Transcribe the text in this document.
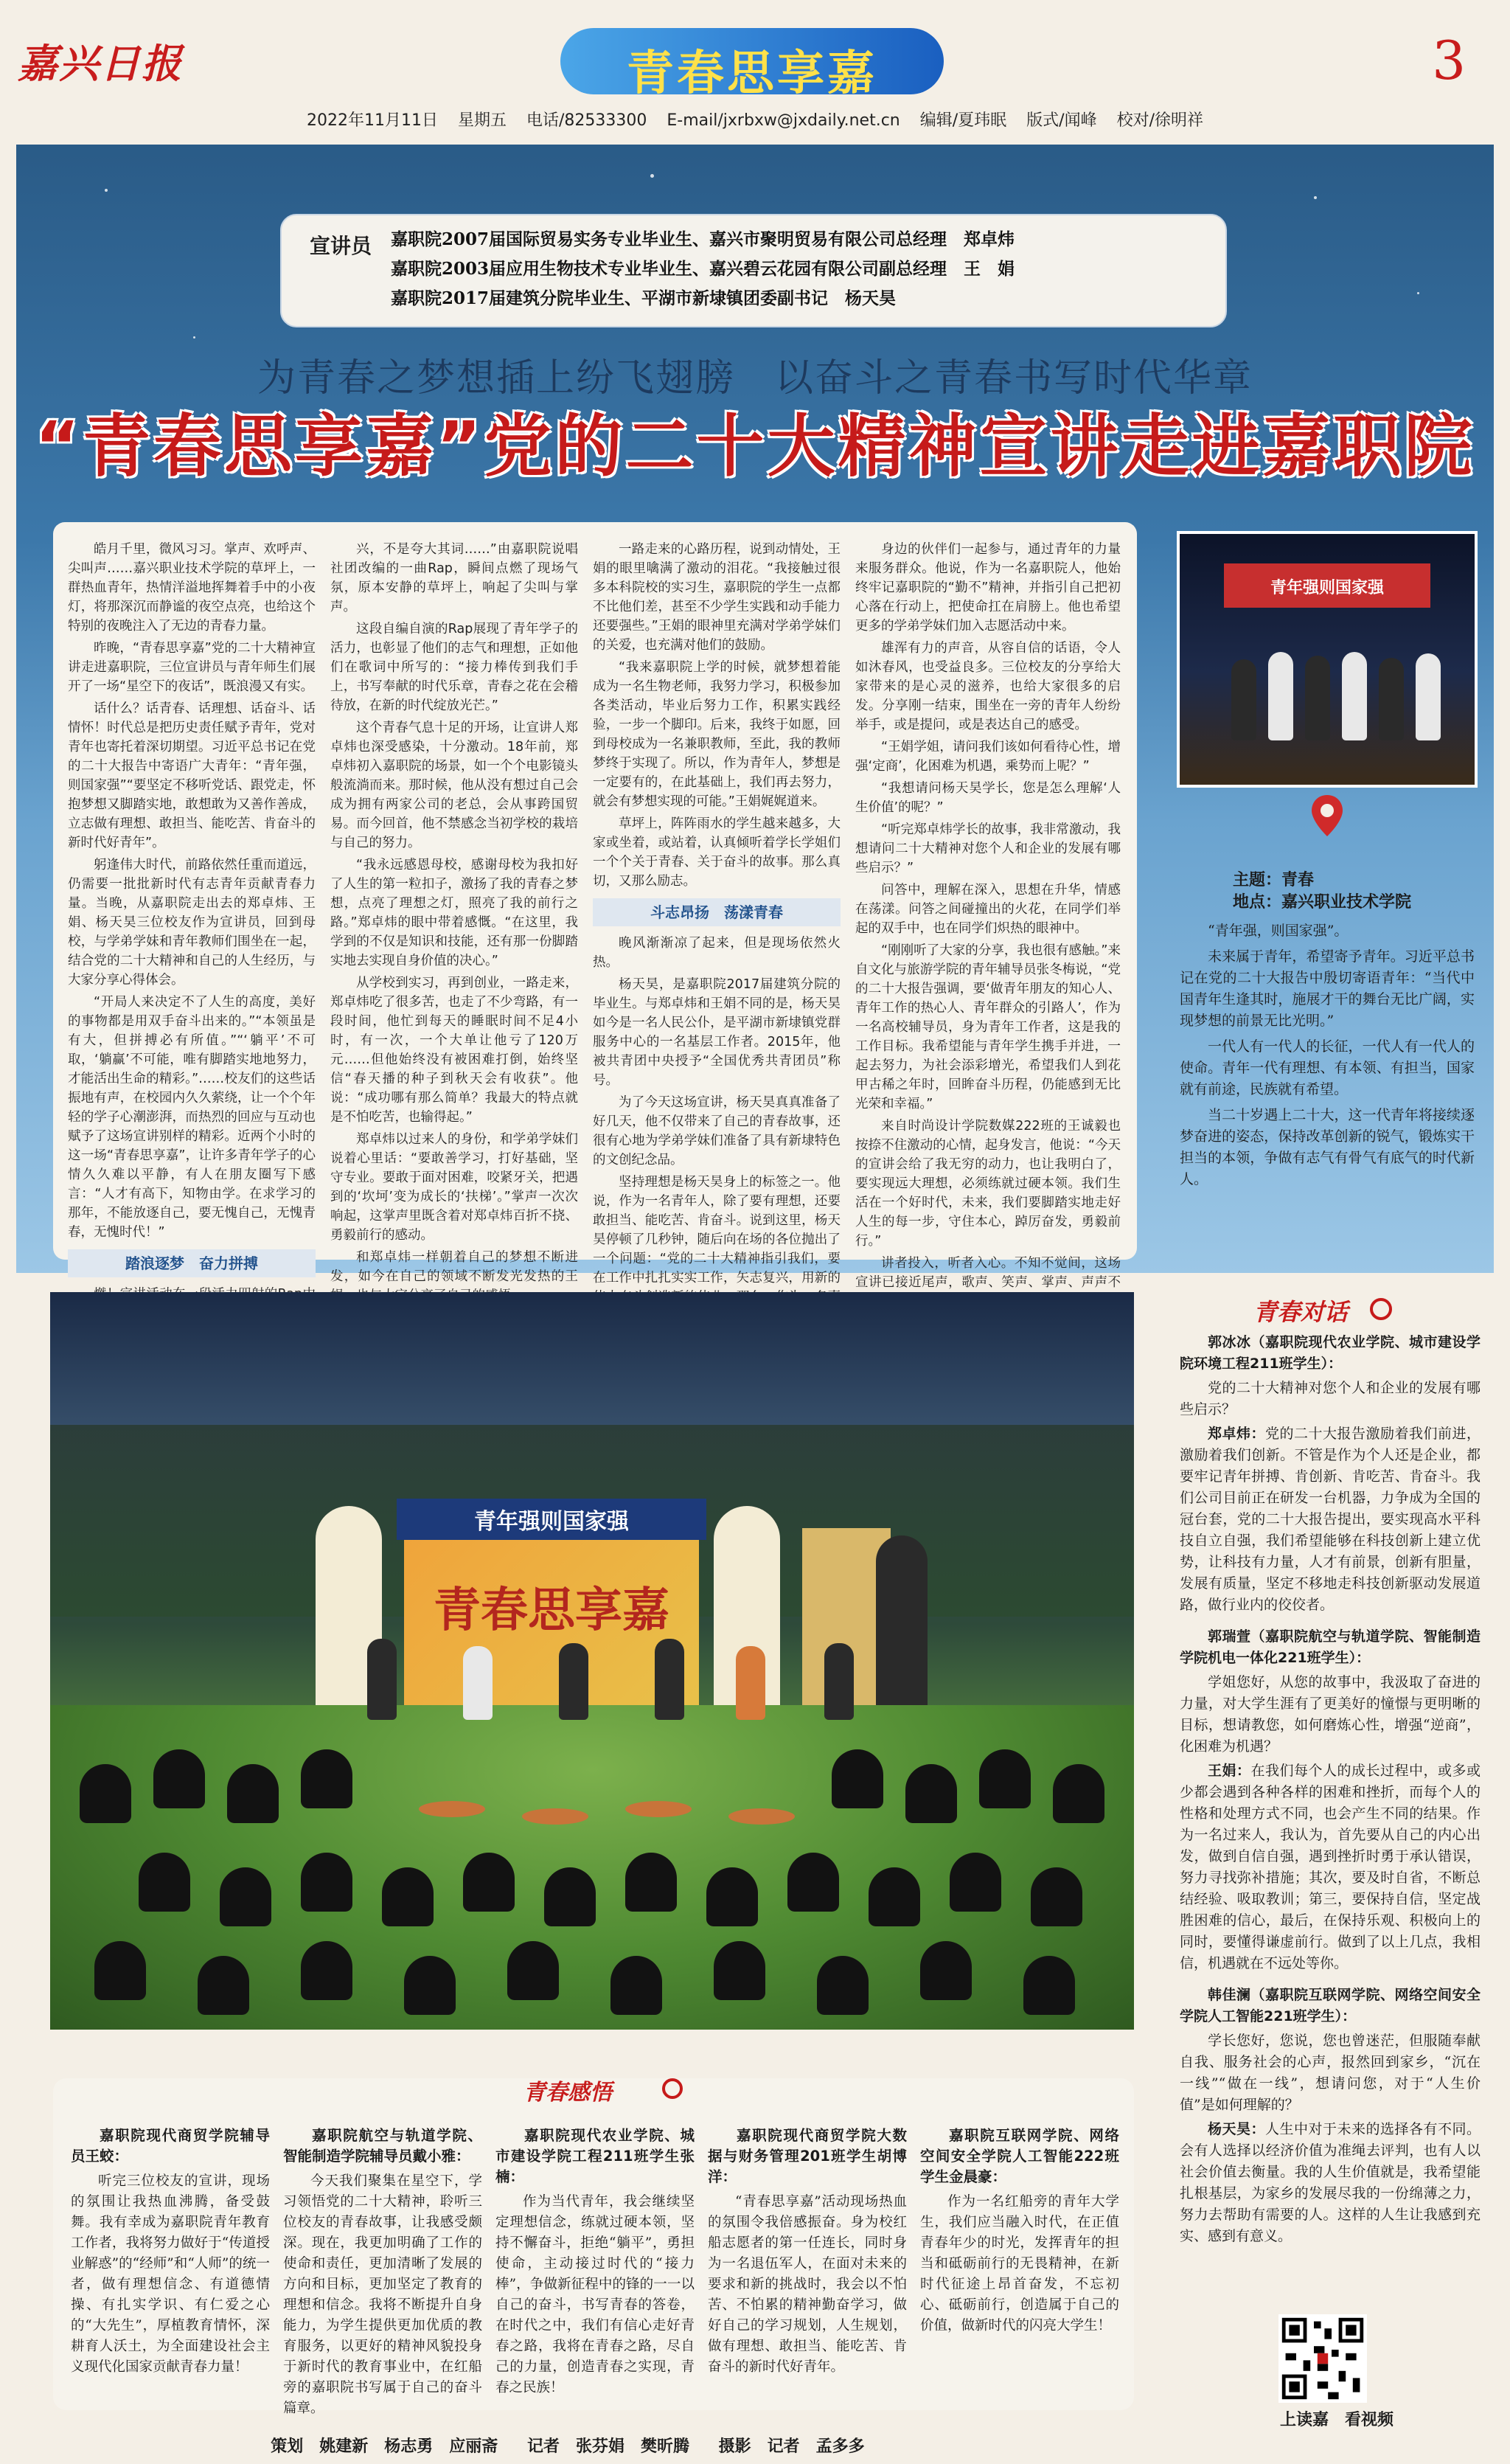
嘉兴日报	青春思享嘉	3
2022年11月11日 星期五 电话/82533300 E-mail/jxrbxw@jxdaily.net.cn 编辑/夏玮眠 版式/闻峰 校对/徐明祥
宣讲员 嘉职院2007届国际贸易实务专业毕业生、嘉兴市聚明贸易有限公司总经理　郑卓炜
嘉职院2003届应用生物技术专业毕业生、嘉兴碧云花园有限公司副总经理　王　娟
嘉职院2017届建筑分院毕业生、平湖市新埭镇团委副书记　杨天昊
为青春之梦想插上纷飞翅膀　以奋斗之青春书写时代华章
“青春思享嘉”党的二十大精神宣讲走进嘉职院

皓月千里，微风习习。掌声、欢呼声、尖叫声……嘉兴职业技术学院的草坪上，一群热血青年，热情洋溢地挥舞着手中的小夜灯，将那深沉而静谧的夜空点亮，也给这个特别的夜晚注入了无边的青春力量。

昨晚，“青春思享嘉”党的二十大精神宣讲走进嘉职院，三位宣讲员与青年师生们展开了一场“星空下的夜话”，既浪漫又有实。

话什么？话青春、话理想、话奋斗、话情怀！时代总是把历史责任赋予青年，党对青年也寄托着深切期望。习近平总书记在党的二十大报告中寄语广大青年：“青年强，则国家强”“要坚定不移听党话、跟党走，怀抱梦想又脚踏实地，敢想敢为又善作善成，立志做有理想、敢担当、能吃苦、肯奋斗的新时代好青年”。

躬逢伟大时代，前路依然任重而道远，仍需要一批批新时代有志青年贡献青春力量。当晚，从嘉职院走出去的郑卓炜、王娟、杨天昊三位校友作为宣讲员，回到母校，与学弟学妹和青年教师们围坐在一起，结合党的二十大精神和自己的人生经历，与大家分享心得体会。

“开局人来决定不了人生的高度，美好的事物都是用双手奋斗出来的。”“本领虽是有大，但拼搏必有所值。”“‘躺平’不可取，‘躺赢’不可能，唯有脚踏实地地努力，才能活出生命的精彩。”……校友们的这些话振地有声，在校园内久久萦绕，让一个个年轻的学子心潮澎湃，而热烈的回应与互动也赋予了这场宣讲别样的精彩。近两个小时的这一场“青春思享嘉”，让许多青年学子的心情久久难以平静，有人在朋友圈写下感言：“人才有高下，知物由学。在求学习的那年，不能放逐自己，要无愧自己，无愧青春，无愧时代！”

踏浪逐梦　奋力拼搏

兴，不是夸大其词……”由嘉职院说唱社团改编的一曲Rap，瞬间点燃了现场气氛，原本安静的草坪上，响起了尖叫与掌声。

这段自编自演的Rap展现了青年学子的活力，也彰显了他们的志气和理想，正如他们在歌词中所写的：“接力棒传到我们手上，书写奉献的时代乐章，青春之花在会稽待放，在新的时代绽放光芒。”

这个青春气息十足的开场，让宣讲人郑卓炜也深受感染，十分激动。18年前，郑卓炜初入嘉职院的场景，如一个个电影镜头般流淌而来。那时候，他从没有想过自己会成为拥有两家公司的老总，会从事跨国贸易。而今回首，他不禁感念当初学校的栽培与自己的努力。

“我永远感恩母校，感谢母校为我扣好了人生的第一粒扣子，激扬了我的青春之梦想，点亮了理想之灯，照亮了我的前行之路。”郑卓炜的眼中带着感慨。“在这里，我学到的不仅是知识和技能，还有那一份脚踏实地去实现自身价值的决心。”

从学校到实习，再到创业，一路走来，郑卓炜吃了很多苦，也走了不少弯路，有一段时间，他忙到每天的睡眠时间不足4小时，有一次，一个大单让他亏了120万元……但他始终没有被困难打倒，始终坚信“春天播的种子到秋天会有收获”。他说：“成功哪有那么简单？我最大的特点就是不怕吃苦，也输得起。”

郑卓炜以过来人的身份，和学弟学妹们说着心里话：“要敢善学习，打好基础，坚守专业。要敢于面对困难，咬紧牙关，把遇到的‘坎坷’变为成长的‘扶梯’。”掌声一次次响起，这掌声里既含着对郑卓炜百折不挠、勇毅前行的感动。

和郑卓炜一样朝着自己的梦想不断进发，如今在自己的领域不断发光发热的王

一路走来的心路历程，说到动情处，王娟的眼里噙满了激动的泪花。“我接触过很多本科院校的实习生，嘉职院的学生一点都不比他们差，甚至不少学生实践和动手能力还要强些。”王娟的眼神里充满对学弟学妹们的关爱，也充满对他们的鼓励。

“我来嘉职院上学的时候，就梦想着能成为一名生物老师，我努力学习，积极参加各类活动，毕业后努力工作，积累实践经验，一步一个脚印。后来，我终于如愿，回到母校成为一名兼职教师，至此，我的教师梦终于实现了。所以，作为青年人，梦想是一定要有的，在此基础上，我们再去努力，就会有梦想实现的可能。”王娟娓娓道来。

草坪上，阵阵雨水的学生越来越多，大家或坐着，或站着，认真倾听着学长学姐们一个个关于青春、关于奋斗的故事。那么真切，又那么励志。

斗志昂扬　荡漾青春

晚风渐渐凉了起来，但是现场依然火热。

杨天昊，是嘉职院2017届建筑分院的毕业生。与郑卓炜和王娟不同的是，杨天昊如今是一名人民公仆，是平湖市新埭镇党群服务中心的一名基层工作者。2015年，他被共青团中央授予“全国优秀共青团员”称号。

为了今天这场宣讲，杨天昊真真准备了好几天，他不仅带来了自己的青春故事，还很有心地为学弟学妹们准备了具有新埭特色的文创纪念品。

坚持理想是杨天昊身上的标签之一。他说，作为一名青年人，除了要有理想，还要敢担当、能吃苦、肯奋斗。说到这里，杨天昊停顿了几秒钟，随后向在场的各位抛出了一个问题：“党的二十大精神指引我们，要在工作中扎扎实实工作，矢志复兴，用新的

身边的伙伴们一起参与，通过青年的力量来服务群众。他说，作为一名嘉职院人，他始终牢记嘉职院的“勤不”精神，并指引自己把初心落在行动上，把使命扛在肩膀上。他也希望更多的学弟学妹们加入志愿活动中来。

雄浑有力的声音，从容自信的话语，令人如沐春风，也受益良多。三位校友的分享给大家带来的是心灵的滋养，也给大家很多的启发。分享刚一结束，围坐在一旁的青年人纷纷举手，或是提问，或是表达自己的感受。

“王娟学姐，请问我们该如何看待心性，增强‘定商’，化困难为机遇，乘势而上呢？”

“我想请问杨天昊学长，您是怎么理解‘人生价值’的呢？”

“听完郑卓炜学长的故事，我非常激动，我想请问二十大精神对您个人和企业的发展有哪些启示？”

问答中，理解在深入，思想在升华，情感在荡漾。问答之间碰撞出的火花，在同学们举起的双手中，也在同学们炽热的眼神中。

“刚刚听了大家的分享，我也很有感触。”来自文化与旅游学院的青年辅导员张冬梅说，“党的二十大报告强调，要‘做青年朋友的知心人、青年工作的热心人、青年群众的引路人’，作为一名高校辅导员，身为青年工作者，这是我的工作目标。我希望能与青年学生携手并进，一起去努力，为社会添彩增光，希望我们人到花甲古稀之年时，回眸奋斗历程，仍能感到无比光荣和幸福。”

来自时尚设计学院数媒222班的王诚毅也按捺不住激动的心情，起身发言，他说：“今天的宣讲会给了我无穷的动力，也让我明白了，要实现远大理想，必须练就过硬本领。我们生活在一个好时代，未来，我们要脚踏实地走好人生的每一步，守住本心，踔厉奋发，勇毅前行。”

讲者投入，听者入心。不知不觉间，这场宣讲已接近尾声，歌声、笑声、掌声、声声不

青年强则国家强
主题：青春
地点：嘉兴职业技术学院

“青年强，则国家强”。

未来属于青年，希望寄予青年。习近平总书记在党的二十大报告中殷切寄语青年：“当代中国青年生逢其时，施展才干的舞台无比广阔，实现梦想的前景无比光明。”

一代人有一代人的长征，一代人有一代人的使命。青年一代有理想、有本领、有担当，国家就有前途，民族就有希望。

当二十岁遇上二十大，这一代青年将接续逐梦奋进的姿态，保持改革创新的锐气，锻炼实干担当的本领，争做有志气有骨气有底气的时代新人。

青年强则国家强
青春思享嘉
青春对话

郭冰冰（嘉职院现代农业学院、城市建设学院环境工程211班学生）：

党的二十大精神对您个人和企业的发展有哪些启示？

郑卓炜：党的二十大报告激励着我们前进，激励着我们创新。不管是作为个人还是企业，都要牢记青年拼搏、肯创新、肯吃苦、肯奋斗。我们公司目前正在研发一台机器，力争成为全国的冠台套，党的二十大报告提出，要实现高水平科技自立自强，我们希望能够在科技创新上建立优势，让科技有力量，人才有前景，创新有胆量，发展有质量，坚定不移地走科技创新驱动发展道路，做行业内的佼佼者。

郭瑞萱（嘉职院航空与轨道学院、智能制造学院机电一体化221班学生）：

学姐您好，从您的故事中，我汲取了奋进的力量，对大学生涯有了更美好的憧憬与更明晰的目标，想请教您，如何磨炼心性，增强“逆商”，化困难为机遇？

王娟：在我们每个人的成长过程中，或多或少都会遇到各种各样的困难和挫折，而每个人的性格和处理方式不同，也会产生不同的结果。作为一名过来人，我认为，首先要从自己的内心出发，做到自信自强，遇到挫折时勇于承认错误，努力寻找弥补措施；其次，要及时自省，不断总结经验、吸取教训；第三，要保持自信，坚定战胜困难的信心，最后，在保持乐观、积极向上的同时，要懂得谦虚前行。做到了以上几点，我相信，机遇就在不远处等你。

韩佳澜（嘉职院互联网学院、网络空间安全学院人工智能221班学生）：

学长您好，您说，您也曾迷茫，但服随奉献自我、服务社会的心声，报然回到家乡，“沉在一线”“做在一线”，想请问您，对于“人生价值”是如何理解的？

杨天昊：人生中对于未来的选择各有不同。会有人选择以经济价值为准绳去评判，也有人以社会价值去衡量。我的人生价值就是，我希望能扎根基层，为家乡的发展尽我的一份绵薄之力，努力去帮助有需要的人。这样的人生让我感到充实、感到有意义。

青春感悟

嘉职院现代商贸学院辅导员王蛟：

听完三位校友的宣讲，现场的氛围让我热血沸腾，备受鼓舞。我有幸成为嘉职院青年教育工作者，我将努力做好于“传道授业解惑”的“经师”和“人师”的统一者，做有理想信念、有道德情操、有扎实学识、有仁爱之心的“大先生”，厚植教育情怀，深耕育人沃土，为全面建设社会主义现代化国家贡献青春力量！

嘉职院航空与轨道学院、智能制造学院辅导员戴小雅：

今天我们聚集在星空下，学习领悟党的二十大精神，聆听三位校友的青春故事，让我感受颇深。现在，我更加明确了工作的使命和责任，更加清晰了发展的方向和目标，更加坚定了教育的理想和信念。我将不断提升自身能力，为学生提供更加优质的教育服务，以更好的精神风貌投身于新时代的教育事业中，在红船旁的嘉职院书写属于自己的奋斗篇章。

嘉职院现代农业学院、城市建设学院工程211班学生张楠：

作为当代青年，我会继续坚定理想信念，练就过硬本领，坚持不懈奋斗，拒绝“躺平”，勇担使命，主动接过时代的“接力棒”，争做新征程中的锋的一一以自己的奋斗，书写青春的答卷，在时代之中，我们有信心走好青春之路，我将在青春之路，尽自己的力量，创造青春之实现，青春之民族！

嘉职院现代商贸学院大数据与财务管理201班学生胡博洋：

“青春思享嘉”活动现场热血的氛围令我倍感振奋。身为校红船志愿者的第一任连长，同时身为一名退伍军人，在面对未来的要求和新的挑战时，我会以不怕苦、不怕累的精神勤奋学习，做好自己的学习规划，人生规划，做有理想、敢担当、能吃苦、肯奋斗的新时代好青年。

嘉职院互联网学院、网络空间安全学院人工智能222班学生金晨豪：

作为一名红船旁的青年大学生，我们应当融入时代，在正值青春年少的时光，发挥青年的担当和砥砺前行的无畏精神，在新时代征途上昂首奋发，不忘初心、砥砺前行，创造属于自己的价值，做新时代的闪亮大学生！

上读嘉　看视频
策划　姚建新　杨志勇　应丽斋 记者　张芬娟　樊昕腾 摄影　记者　孟多多
